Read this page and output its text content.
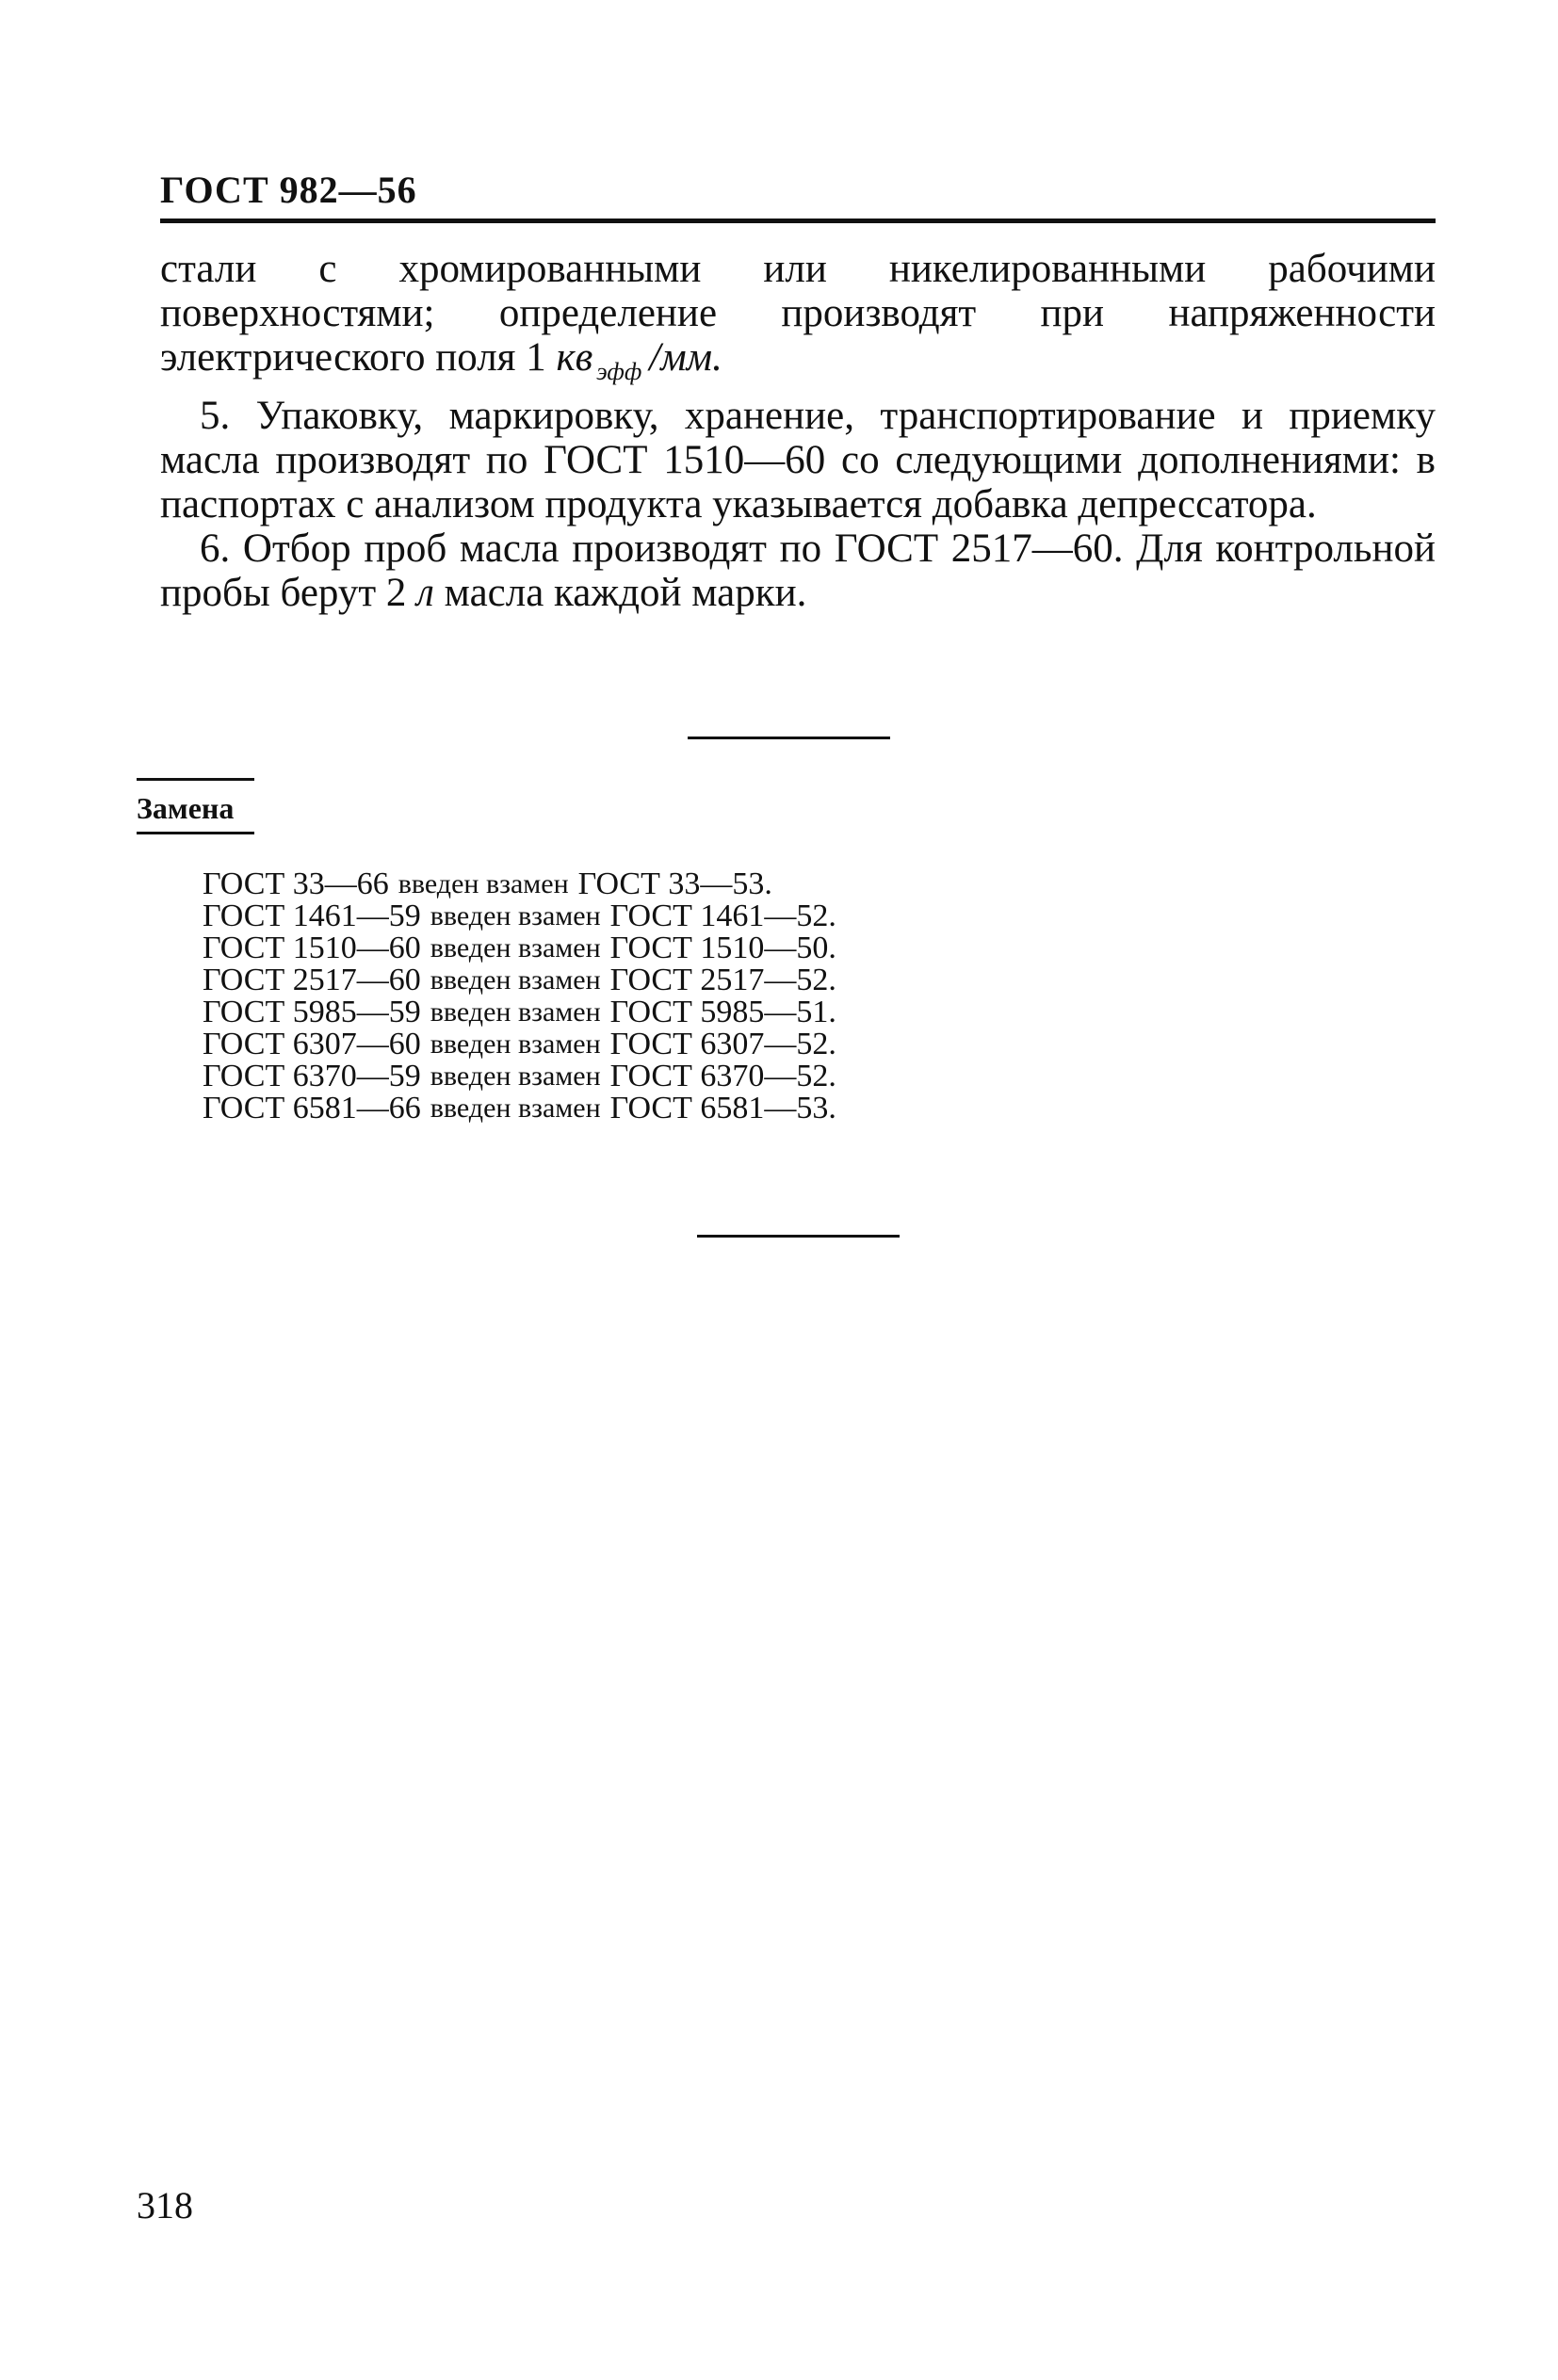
ГОСТ 982—56

стали с хромированными или никелированными рабочими поверхностями; определение производят при напряженности электрического поля 1 кв $_{эфф}$ /мм.

5. Упаковку, маркировку, хранение, транспортирование и приемку масла производят по ГОСТ 1510—60 со следующими дополнениями: в паспортах с анализом продукта указывается добавка депрессатора.

6. Отбор проб масла производят по ГОСТ 2517—60. Для контрольной пробы берут 2 л масла каждой марки.

Замена
ГОСТ 33—66 введен взамен ГОСТ 33—53.
ГОСТ 1461—59 введен взамен ГОСТ 1461—52.
ГОСТ 1510—60 введен взамен ГОСТ 1510—50.
ГОСТ 2517—60 введен взамен ГОСТ 2517—52.
ГОСТ 5985—59 введен взамен ГОСТ 5985—51.
ГОСТ 6307—60 введен взамен ГОСТ 6307—52.
ГОСТ 6370—59 введен взамен ГОСТ 6370—52.
ГОСТ 6581—66 введен взамен ГОСТ 6581—53.
318
